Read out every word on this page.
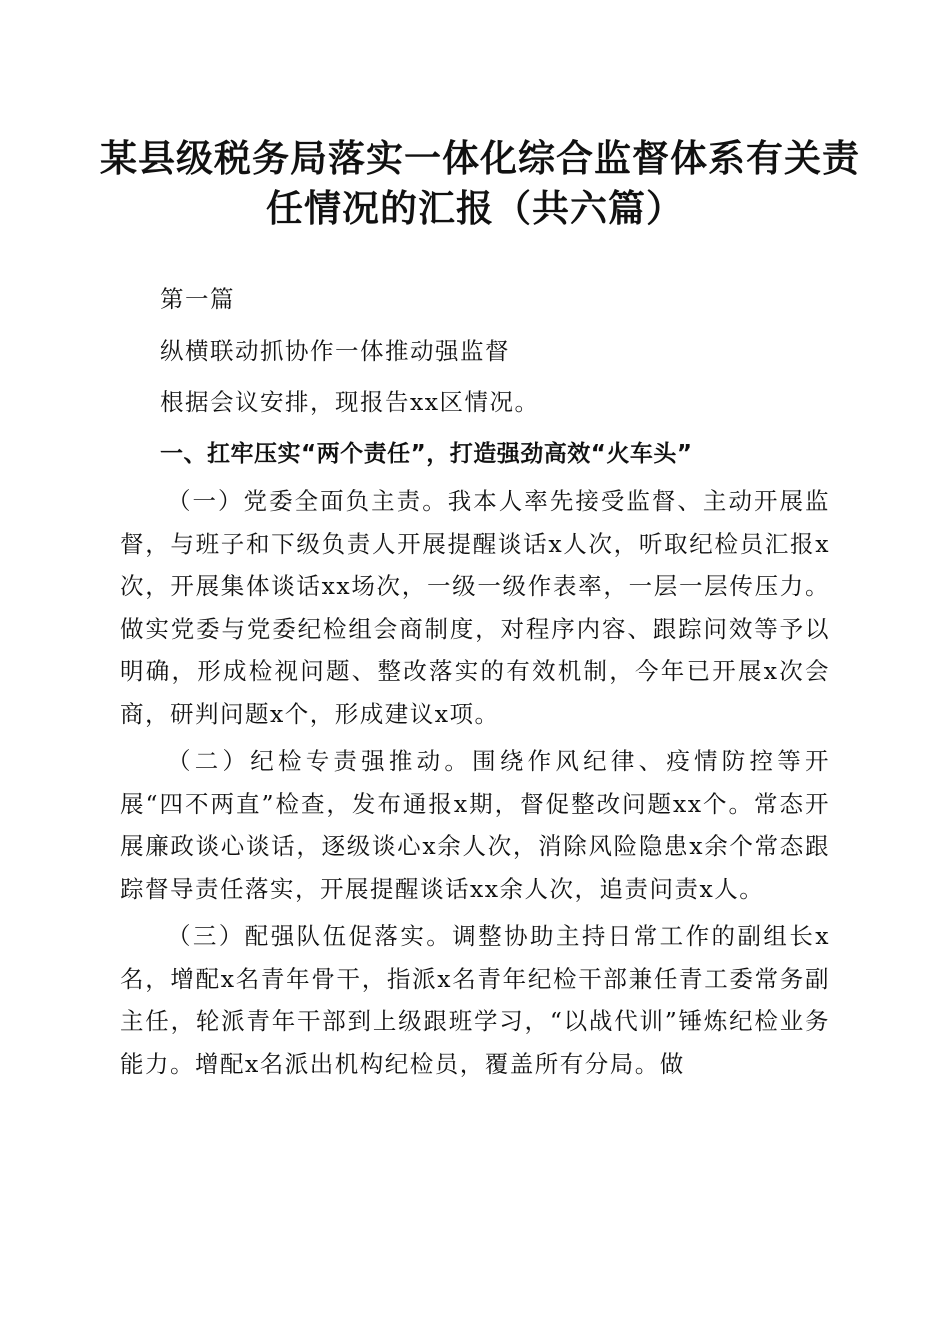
某县级税务局落实一体化综合监督体系有关责
任情况的汇报（共六篇）

第一篇

纵横联动抓协作一体推动强监督

根据会议安排，现报告xx区情况。

一、扛牢压实“两个责任”，打造强劲高效“火车头”

（一）党委全面负主责。我本人率先接受监督、主动开展监督，与班子和下级负责人开展提醒谈话x人次，听取纪检员汇报x次，开展集体谈话xx场次，一级一级作表率，一层一层传压力。做实党委与党委纪检组会商制度，对程序内容、跟踪问效等予以明确，形成检视问题、整改落实的有效机制，今年已开展x次会商，研判问题x个，形成建议x项。

（二）纪检专责强推动。围绕作风纪律、疫情防控等开展“四不两直”检查，发布通报x期，督促整改问题xx个。常态开展廉政谈心谈话，逐级谈心x余人次，消除风险隐患x余个常态跟踪督导责任落实，开展提醒谈话xx余人次，追责问责x人。

（三）配强队伍促落实。调整协助主持日常工作的副组长x名，增配x名青年骨干，指派x名青年纪检干部兼任青工委常务副主任，轮派青年干部到上级跟班学习，“以战代训”锤炼纪检业务能力。增配x名派出机构纪检员，覆盖所有分局。做
